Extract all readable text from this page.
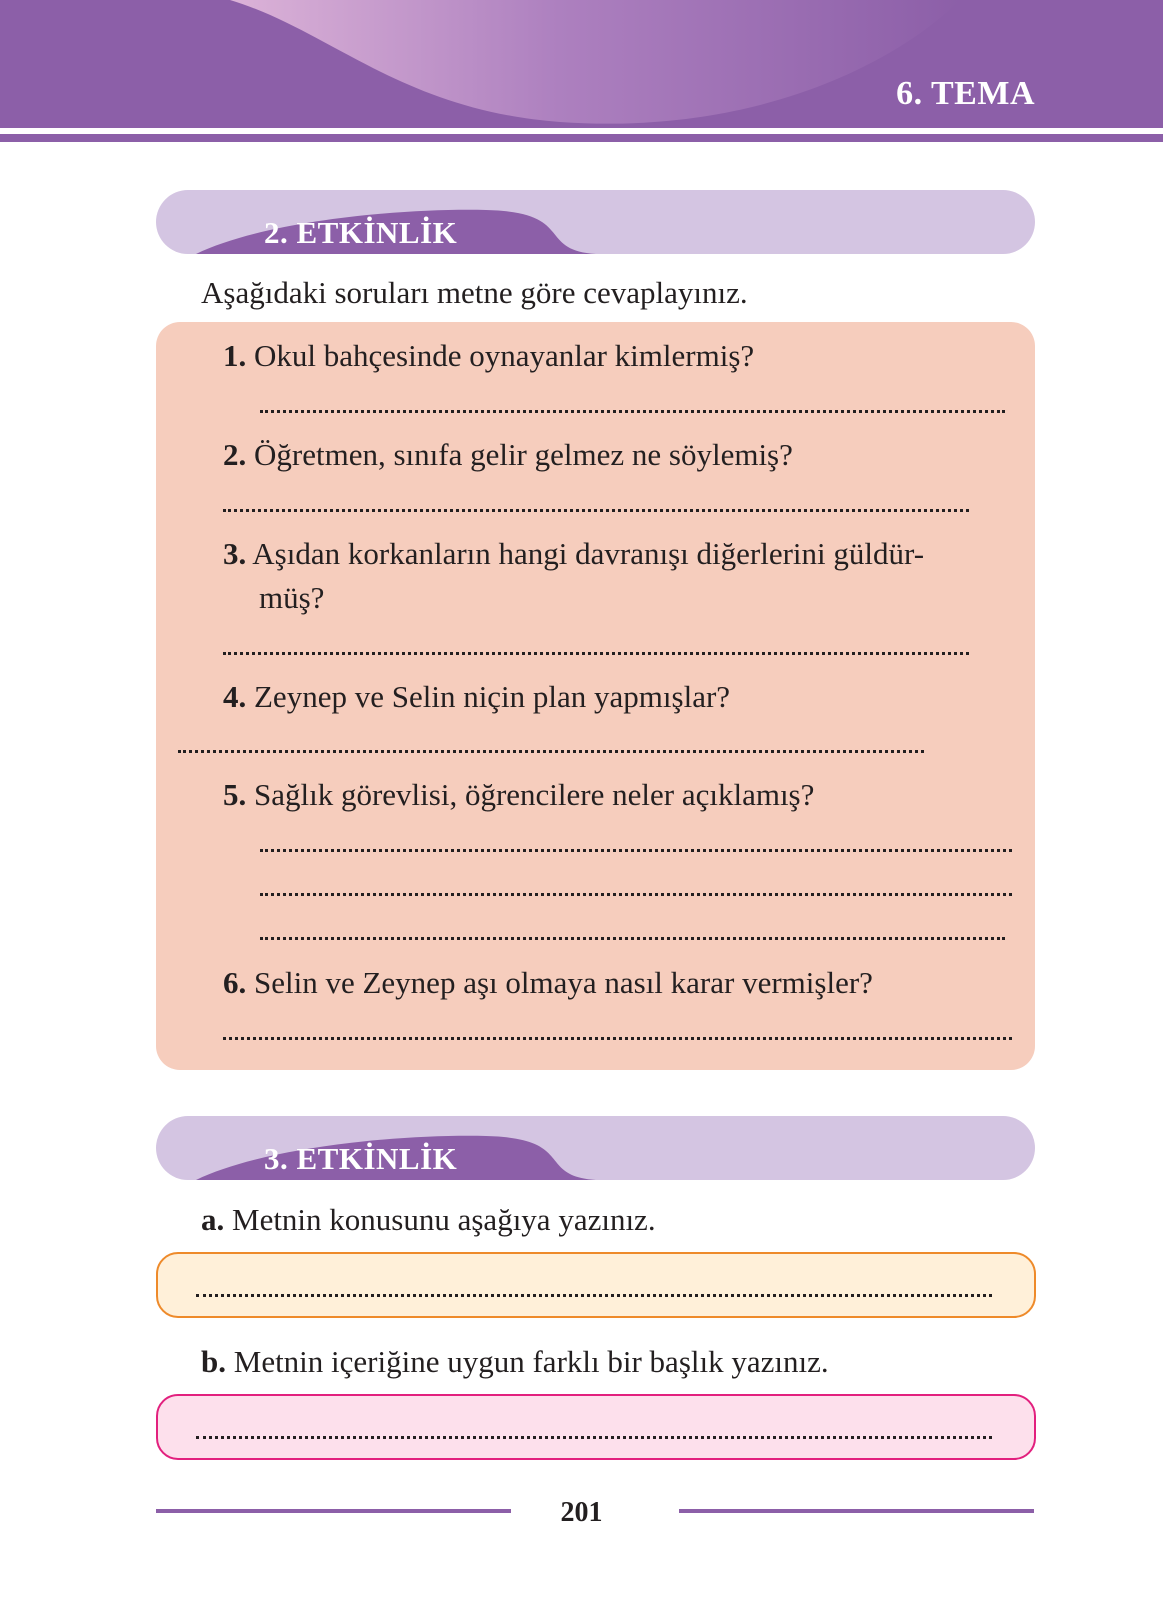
6. TEMA
2. ETKİNLİK
Aşağıdaki soruları metne göre cevaplayınız.
1. Okul bahçesinde oynayanlar kimlermiş?
2. Öğretmen, sınıfa gelir gelmez ne söylemiş?
3. Aşıdan korkanların hangi davranışı diğerlerini güldür-
müş?
4. Zeynep ve Selin niçin plan yapmışlar?
5. Sağlık görevlisi, öğrencilere neler açıklamış?
6. Selin ve Zeynep aşı olmaya nasıl karar vermişler?
3. ETKİNLİK
a. Metnin konusunu aşağıya yazınız.
b. Metnin içeriğine uygun farklı bir başlık yazınız.
201
